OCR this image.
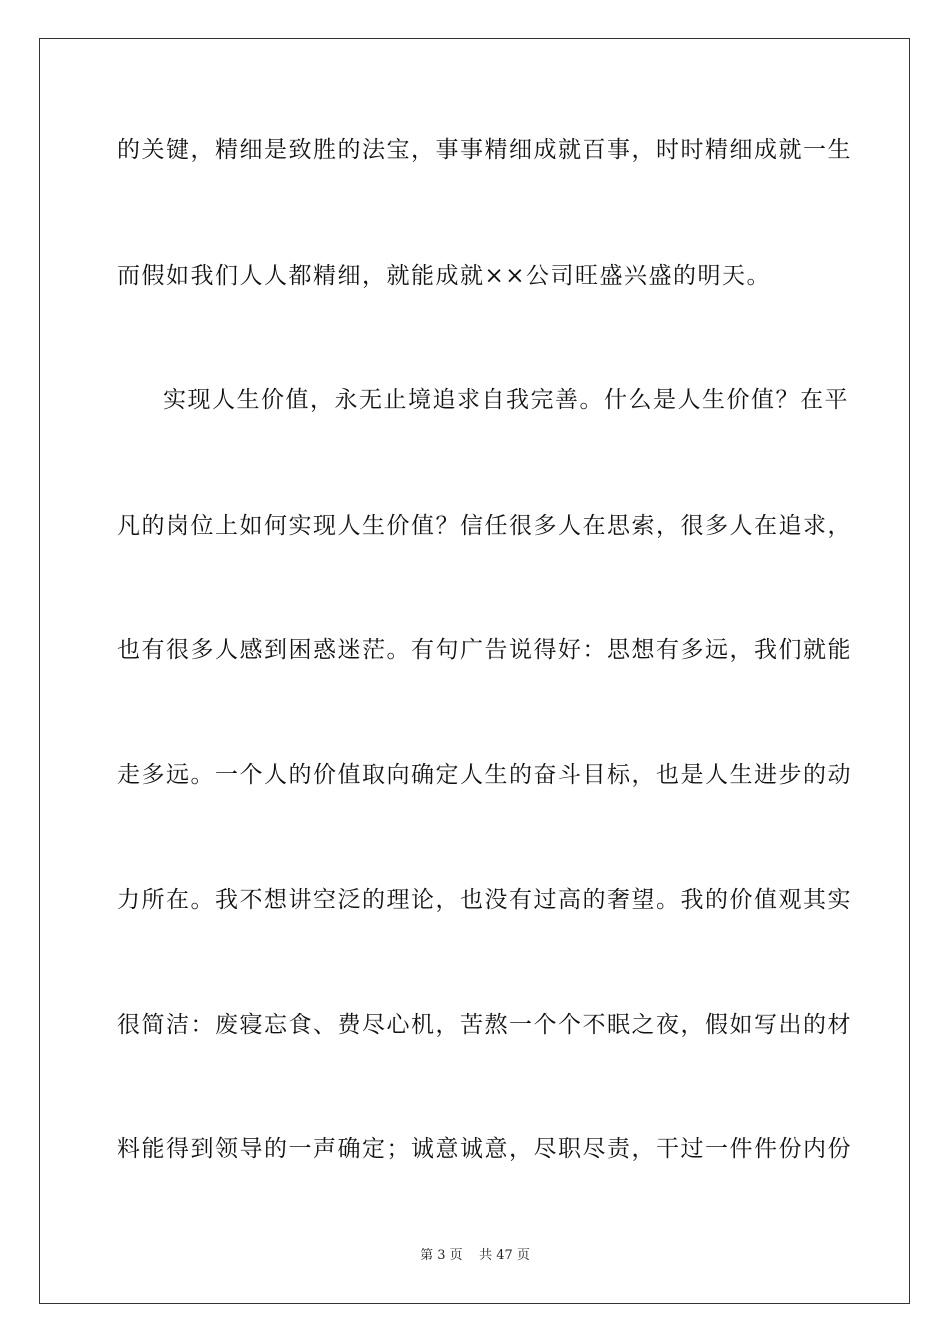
的关键，精细是致胜的法宝，事事精细成就百事，时时精细成就一生
而假如我们人人都精细，就能成就××公司旺盛兴盛的明天。
实现人生价值，永无止境追求自我完善。什么是人生价值？在平
凡的岗位上如何实现人生价值？信任很多人在思索，很多人在追求，
也有很多人感到困惑迷茫。有句广告说得好：思想有多远，我们就能
走多远。一个人的价值取向确定人生的奋斗目标，也是人生进步的动
力所在。我不想讲空泛的理论，也没有过高的奢望。我的价值观其实
很简洁：废寝忘食、费尽心机，苦熬一个个不眠之夜，假如写出的材
料能得到领导的一声确定；诚意诚意，尽职尽责，干过一件件份内份
第 3 页    共 47 页
